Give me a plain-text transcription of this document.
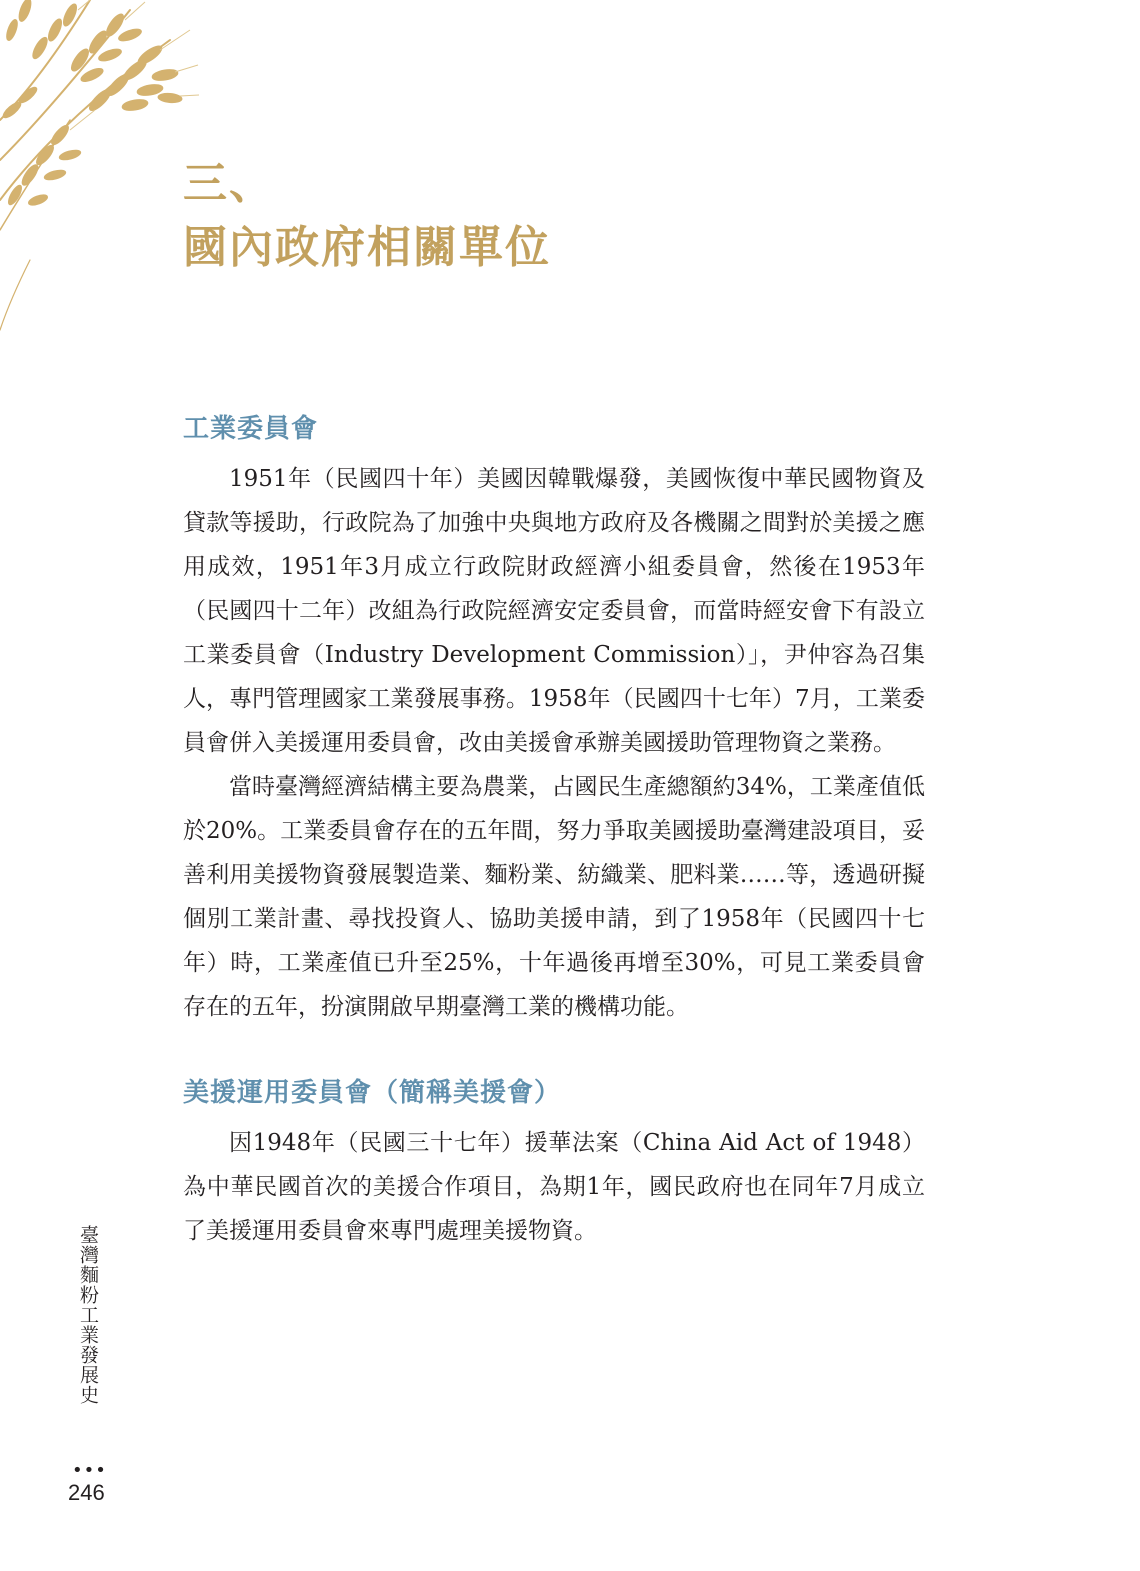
三、
國內政府相關單位
工業委員會

1951年（民國四十年）美國因韓戰爆發，美國恢復中華民國物資及貸款等援助，行政院為了加強中央與地方政府及各機關之間對於美援之應用成效，1951年3月成立行政院財政經濟小組委員會，然後在1953年（民國四十二年）改組為行政院經濟安定委員會，而當時經安會下有設立工業委員會（Industry Development Commission）」，尹仲容為召集人，專門管理國家工業發展事務。1958年（民國四十七年）7月，工業委員會併入美援運用委員會，改由美援會承辦美國援助管理物資之業務。

當時臺灣經濟結構主要為農業，占國民生產總額約34%，工業產值低於20%。工業委員會存在的五年間，努力爭取美國援助臺灣建設項目，妥善利用美援物資發展製造業、麵粉業、紡織業、肥料業……等，透過研擬個別工業計畫、尋找投資人、協助美援申請，到了1958年（民國四十七年）時，工業產值已升至25%，十年過後再增至30%，可見工業委員會存在的五年，扮演開啟早期臺灣工業的機構功能。

美援運用委員會（簡稱美援會）

因1948年（民國三十七年）援華法案（China Aid Act of 1948）為中華民國首次的美援合作項目，為期1年，國民政府也在同年7月成立了美援運用委員會來專門處理美援物資。

臺灣麵粉工業發展史
•••
246
